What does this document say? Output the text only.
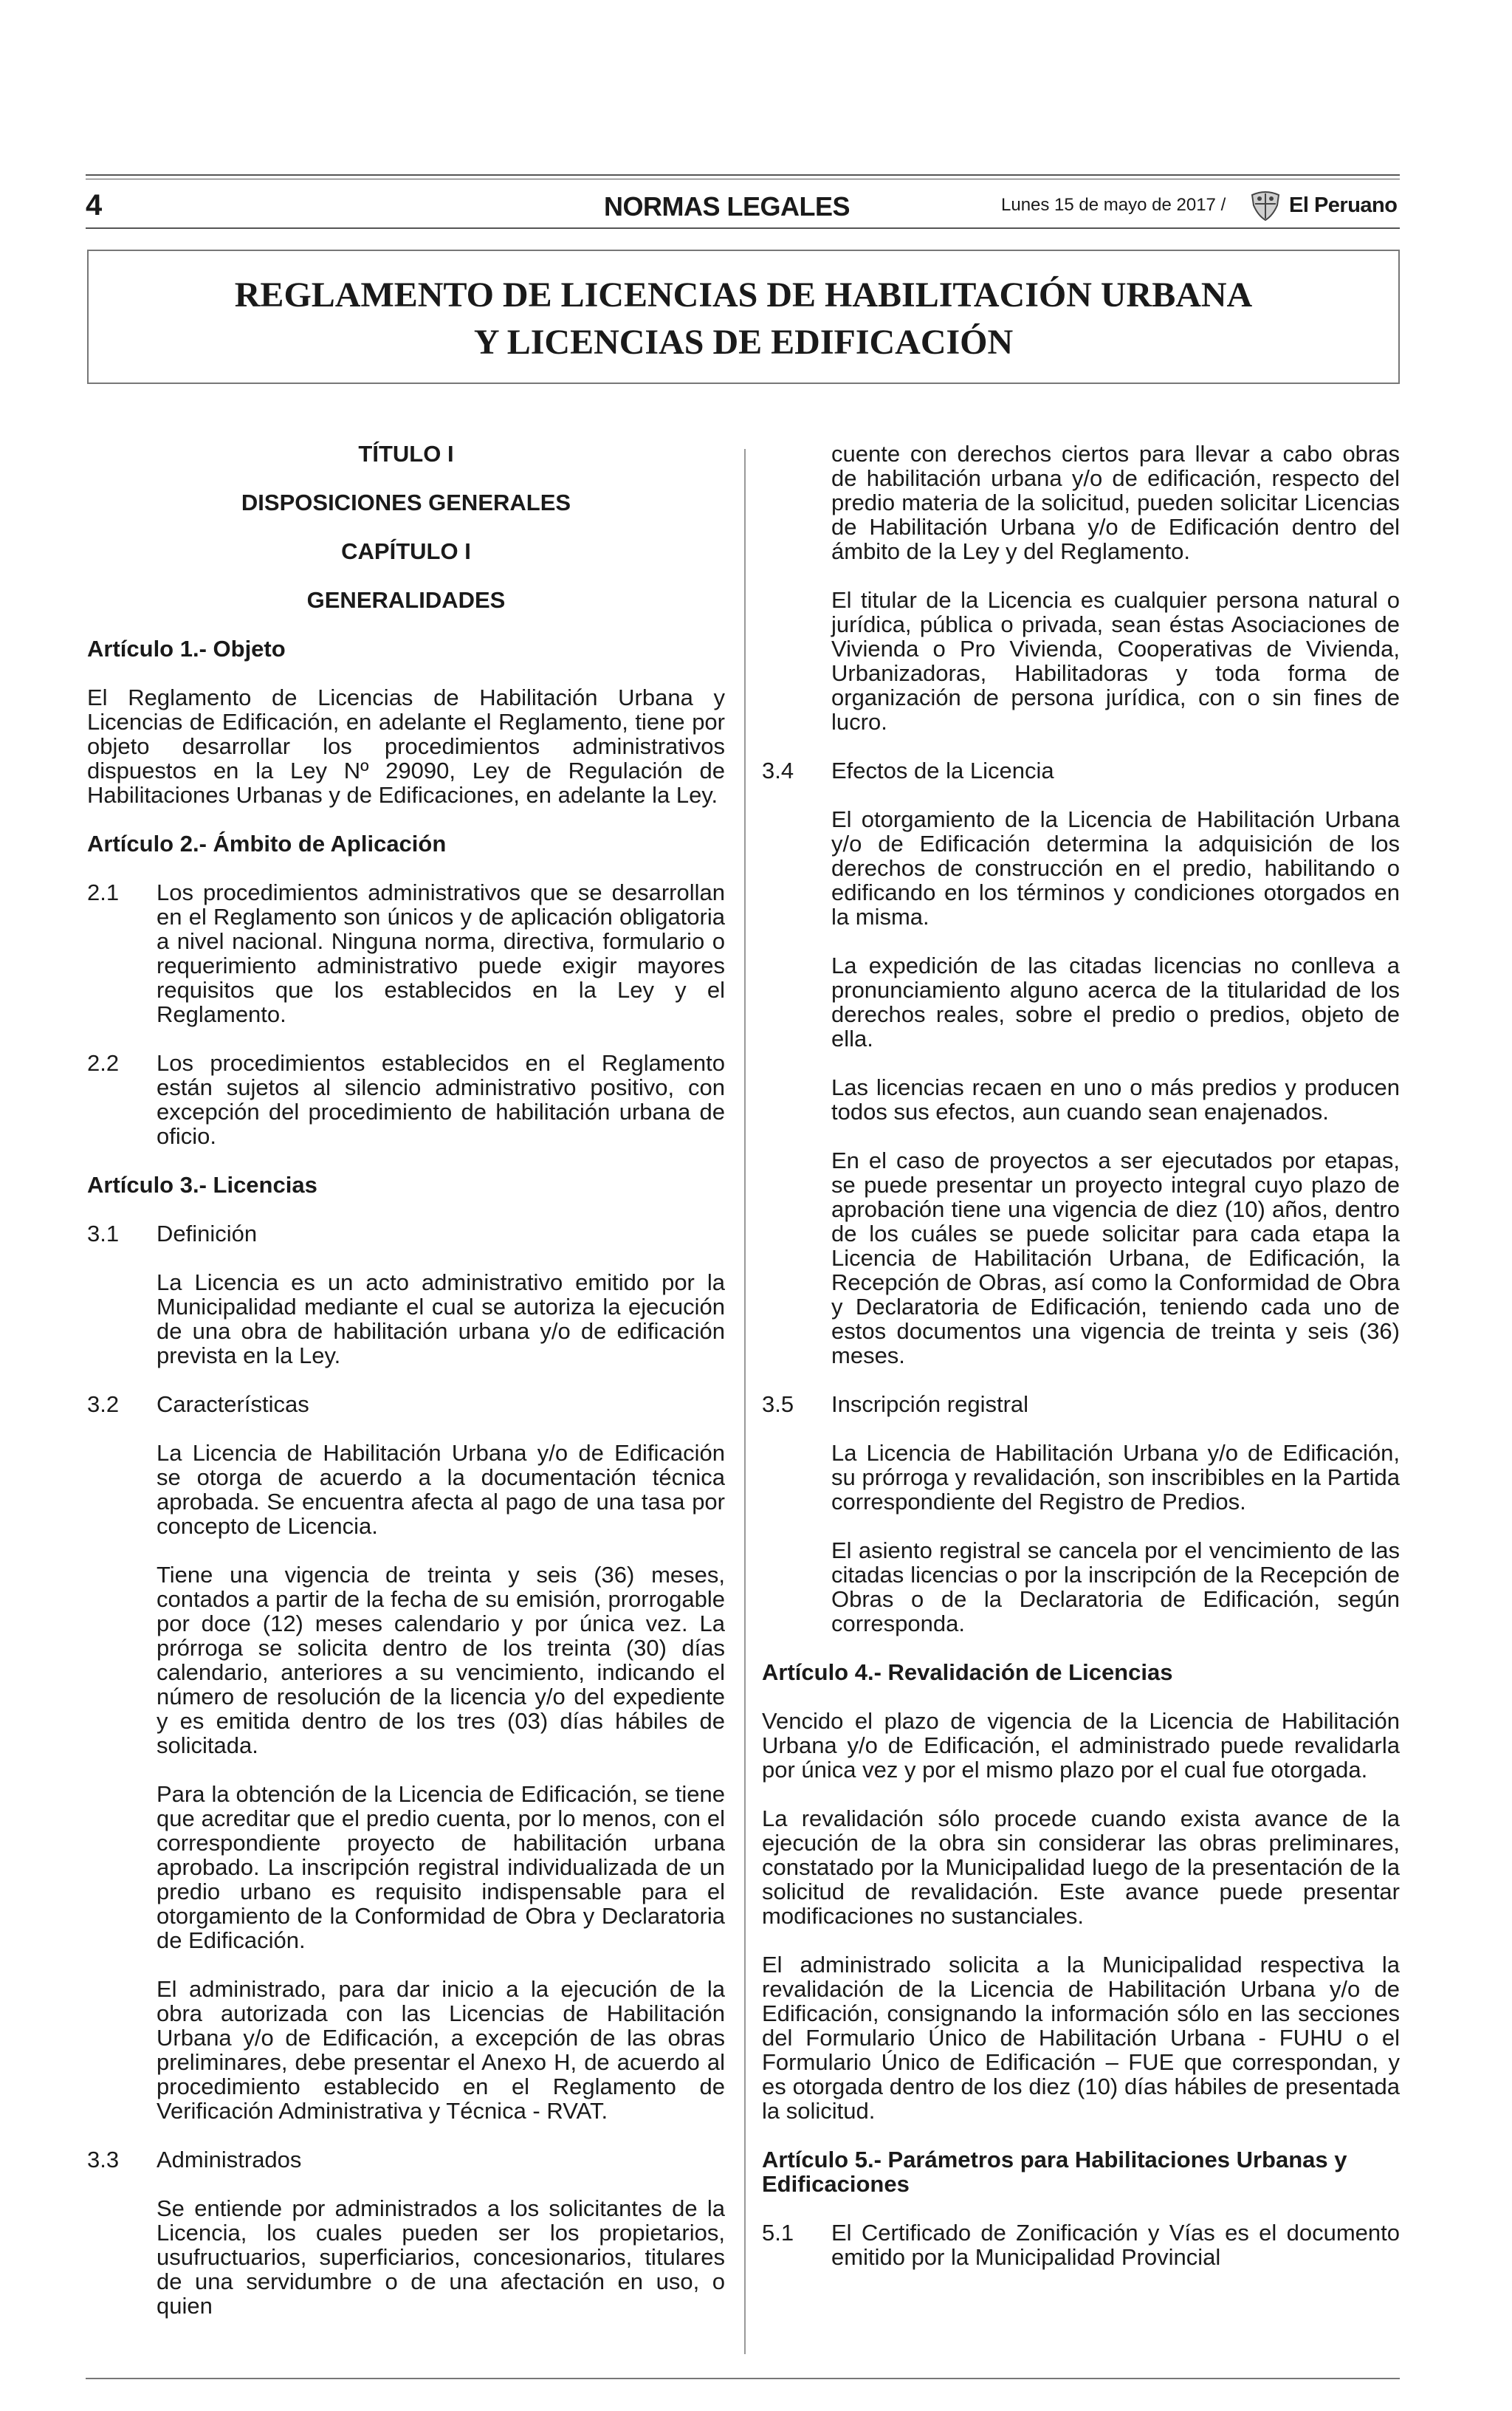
4	NORMAS LEGALES	Lunes 15 de mayo de 2017 /	El Peruano
REGLAMENTO DE LICENCIAS DE HABILITACIÓN URBANA
Y LICENCIAS DE EDIFICACIÓN

TÍTULO I

DISPOSICIONES GENERALES

CAPÍTULO I

GENERALIDADES

Artículo 1.- Objeto

El Reglamento de Licencias de Habilitación Urbana y Licencias de Edificación, en adelante el Reglamento, tiene por objeto desarrollar los procedimientos administrativos dispuestos en la Ley Nº 29090, Ley de Regulación de Habilitaciones Urbanas y de Edificaciones, en adelante la Ley.

Artículo 2.- Ámbito de Aplicación

2.1	Los procedimientos administrativos que se desarrollan en el Reglamento son únicos y de aplicación obligatoria a nivel nacional. Ninguna norma, directiva, formulario o requerimiento administrativo puede exigir mayores requisitos que los establecidos en la Ley y el Reglamento.
2.2	Los procedimientos establecidos en el Reglamento están sujetos al silencio administrativo positivo, con excepción del procedimiento de habilitación urbana de oficio.

Artículo 3.- Licencias

3.1	Definición

La Licencia es un acto administrativo emitido por la Municipalidad mediante el cual se autoriza la ejecución de una obra de habilitación urbana y/o de edificación prevista en la Ley.

3.2	Características

La Licencia de Habilitación Urbana y/o de Edificación se otorga de acuerdo a la documentación técnica aprobada. Se encuentra afecta al pago de una tasa por concepto de Licencia.

Tiene una vigencia de treinta y seis (36) meses, contados a partir de la fecha de su emisión, prorrogable por doce (12) meses calendario y por única vez. La prórroga se solicita dentro de los treinta (30) días calendario, anteriores a su vencimiento, indicando el número de resolución de la licencia y/o del expediente y es emitida dentro de los tres (03) días hábiles de solicitada.

Para la obtención de la Licencia de Edificación, se tiene que acreditar que el predio cuenta, por lo menos, con el correspondiente proyecto de habilitación urbana aprobado. La inscripción registral individualizada de un predio urbano es requisito indispensable para el otorgamiento de la Conformidad de Obra y Declaratoria de Edificación.

El administrado, para dar inicio a la ejecución de la obra autorizada con las Licencias de Habilitación Urbana y/o de Edificación, a excepción de las obras preliminares, debe presentar el Anexo H, de acuerdo al procedimiento establecido en el Reglamento de Verificación Administrativa y Técnica - RVAT.

3.3	Administrados

Se entiende por administrados a los solicitantes de la Licencia, los cuales pueden ser los propietarios, usufructuarios, superficiarios, concesionarios, titulares de una servidumbre o de una afectación en uso, o quien

cuente con derechos ciertos para llevar a cabo obras de habilitación urbana y/o de edificación, respecto del predio materia de la solicitud, pueden solicitar Licencias de Habilitación Urbana y/o de Edificación dentro del ámbito de la Ley y del Reglamento.

El titular de la Licencia es cualquier persona natural o jurídica, pública o privada, sean éstas Asociaciones de Vivienda o Pro Vivienda, Cooperativas de Vivienda, Urbanizadoras, Habilitadoras y toda forma de organización de persona jurídica, con o sin fines de lucro.

3.4	Efectos de la Licencia

El otorgamiento de la Licencia de Habilitación Urbana y/o de Edificación determina la adquisición de los derechos de construcción en el predio, habilitando o edificando en los términos y condiciones otorgados en la misma.

La expedición de las citadas licencias no conlleva a pronunciamiento alguno acerca de la titularidad de los derechos reales, sobre el predio o predios, objeto de ella.

Las licencias recaen en uno o más predios y producen todos sus efectos, aun cuando sean enajenados.

En el caso de proyectos a ser ejecutados por etapas, se puede presentar un proyecto integral cuyo plazo de aprobación tiene una vigencia de diez (10) años, dentro de los cuáles se puede solicitar para cada etapa la Licencia de Habilitación Urbana, de Edificación, la Recepción de Obras, así como la Conformidad de Obra y Declaratoria de Edificación, teniendo cada uno de estos documentos una vigencia de treinta y seis (36) meses.

3.5	Inscripción registral

La Licencia de Habilitación Urbana y/o de Edificación, su prórroga y revalidación, son inscribibles en la Partida correspondiente del Registro de Predios.

El asiento registral se cancela por el vencimiento de las citadas licencias o por la inscripción de la Recepción de Obras o de la Declaratoria de Edificación, según corresponda.

Artículo 4.- Revalidación de Licencias

Vencido el plazo de vigencia de la Licencia de Habilitación Urbana y/o de Edificación, el administrado puede revalidarla por única vez y por el mismo plazo por el cual fue otorgada.

La revalidación sólo procede cuando exista avance de la ejecución de la obra sin considerar las obras preliminares, constatado por la Municipalidad luego de la presentación de la solicitud de revalidación. Este avance puede presentar modificaciones no sustanciales.

El administrado solicita a la Municipalidad respectiva la revalidación de la Licencia de Habilitación Urbana y/o de Edificación, consignando la información sólo en las secciones del Formulario Único de Habilitación Urbana - FUHU o el Formulario Único de Edificación – FUE que correspondan, y es otorgada dentro de los diez (10) días hábiles de presentada la solicitud.

Artículo 5.- Parámetros para Habilitaciones Urbanas y Edificaciones

5.1	El Certificado de Zonificación y Vías es el documento emitido por la Municipalidad Provincial
